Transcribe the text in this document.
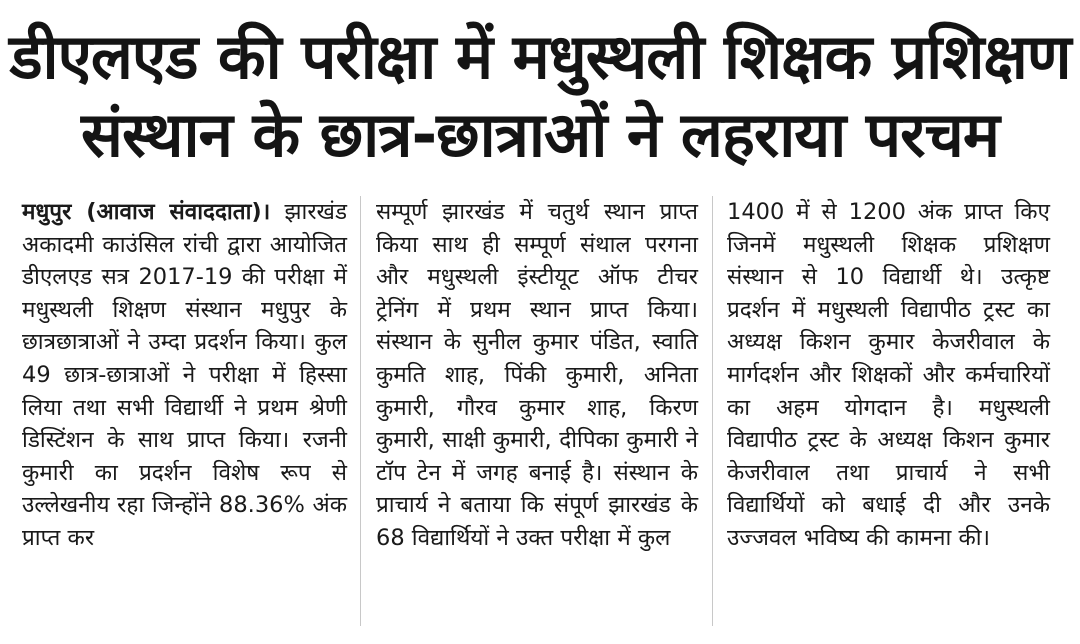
डीएलएड की परीक्षा में मधुस्थली शिक्षक प्रशिक्षण
संस्थान के छात्र-छात्राओं ने लहराया परचम

मधुपुर (आवाज संवाददाता)। झारखंड अकादमी काउंसिल रांची द्वारा आयोजित डीएलएड सत्र 2017-19 की परीक्षा में मधुस्थली शिक्षण संस्थान मधुपुर के छात्रछात्राओं ने उम्दा प्रदर्शन किया। कुल 49 छात्र-छात्राओं ने परीक्षा में हिस्सा लिया तथा सभी विद्यार्थी ने प्रथम श्रेणी डिस्टिंशन के साथ प्राप्त किया। रजनी कुमारी का प्रदर्शन विशेष रूप से उल्लेखनीय रहा जिन्होंने 88.36% अंक प्राप्त कर

सम्पूर्ण झारखंड में चतुर्थ स्थान प्राप्त किया साथ ही सम्पूर्ण संथाल परगना और मधुस्थली इंस्टीयूट ऑफ टीचर ट्रेनिंग में प्रथम स्थान प्राप्त किया। संस्थान के सुनील कुमार पंडित, स्वाति कुमति शाह, पिंकी कुमारी, अनिता कुमारी, गौरव कुमार शाह, किरण कुमारी, साक्षी कुमारी, दीपिका कुमारी ने टॉप टेन में जगह बनाई है। संस्थान के प्राचार्य ने बताया कि संपूर्ण झारखंड के 68 विद्यार्थियों ने उक्त परीक्षा में कुल

1400 में से 1200 अंक प्राप्त किए जिनमें मधुस्थली शिक्षक प्रशिक्षण संस्थान से 10 विद्यार्थी थे। उत्कृष्ट प्रदर्शन में मधुस्थली विद्यापीठ ट्रस्ट का अध्यक्ष किशन कुमार केजरीवाल के मार्गदर्शन और शिक्षकों और कर्मचारियों का अहम योगदान है। मधुस्थली विद्यापीठ ट्रस्ट के अध्यक्ष किशन कुमार केजरीवाल तथा प्राचार्य ने सभी विद्यार्थियों को बधाई दी और उनके उज्जवल भविष्य की कामना की।
